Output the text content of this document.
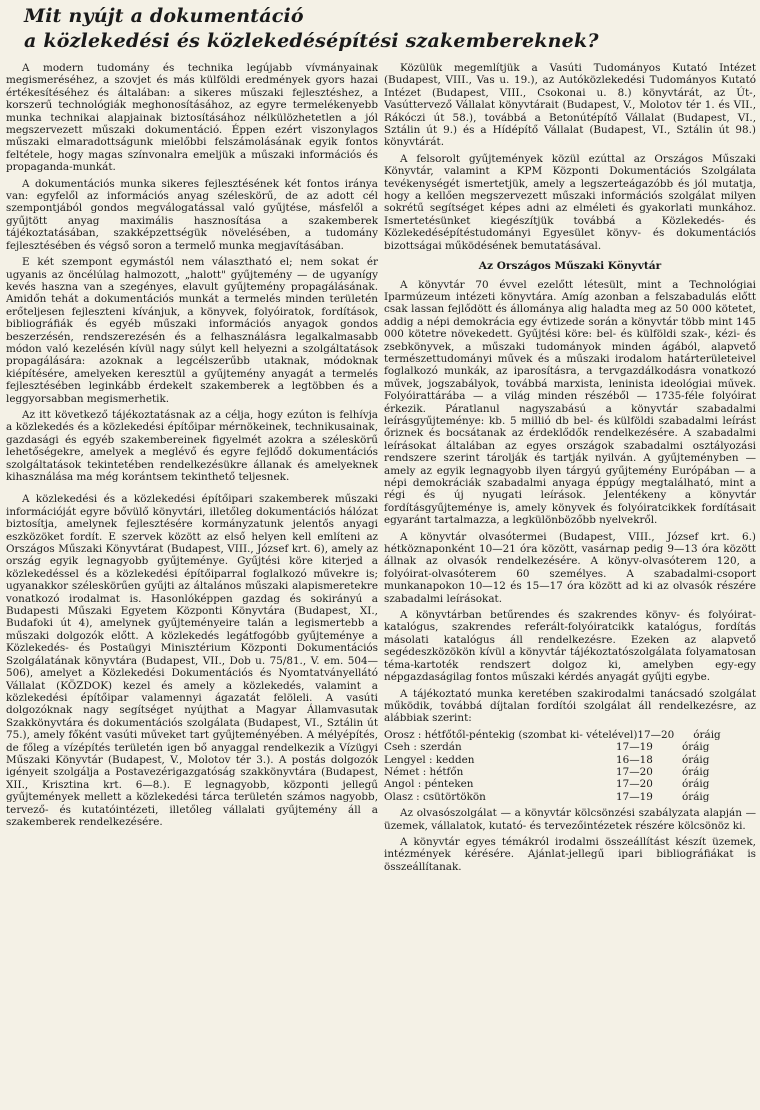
Mit nyújt a dokumentáció
a közlekedési és közlekedésépítési szakembereknek?

A modern tudomány és technika legújabb vívmányainak megismeréséhez, a szovjet és más külföldi eredmények gyors hazai értékesítéséhez és általában: a sikeres műszaki fejlesztéshez, a korszerű technológiák meghonosításához, az egyre termelékenyebb munka technikai alapjainak biztosításához nélkülözhetetlen a jól megszervezett műszaki dokumentáció. Éppen ezért viszonylagos műszaki elmaradottságunk mielőbbi felszámolásának egyik fontos feltétele, hogy magas színvonalra emeljük a műszaki információs és propaganda-munkát.

A dokumentációs munka sikeres fejlesztésének két fontos iránya van: egyfelől az információs anyag széleskörű, de az adott cél szempontjából gondos megválogatással való gyűjtése, másfelől a gyűjtött anyag maximális hasznosítása a szakemberek tájékoztatásában, szakképzettségük növelésében, a tudomány fejlesztésében és végső soron a termelő munka megjavításában.

E két szempont egymástól nem választható el; nem sokat ér ugyanis az öncélúlag halmozott, „halott" gyűjtemény — de ugyanígy kevés haszna van a szegényes, elavult gyűjtemény propagálásának. Amidőn tehát a dokumentációs munkát a termelés minden területén erőteljesen fejleszteni kívánjuk, a könyvek, folyóiratok, fordítások, bibliográfiák és egyéb műszaki információs anyagok gondos beszerzésén, rendszerezésén és a felhasználásra legalkalmasabb módon való kezelésén kívül nagy súlyt kell helyezni a szolgáltatások propagálására: azoknak a legcélszerűbb utaknak, módoknak kiépítésére, amelyeken keresztül a gyűjtemény anyagát a termelés fejlesztésében leginkább érdekelt szakemberek a legtöbben és a leggyorsabban megismerhetik.

Az itt következő tájékoztatásnak az a célja, hogy ezúton is felhívja a közlekedés és a közlekedési építőipar mérnökeinek, technikusainak, gazdasági és egyéb szakembereinek figyelmét azokra a széleskörű lehetőségekre, amelyek a meglévő és egyre fejlődő dokumentációs szolgáltatások tekintetében rendelkezésükre állanak és amelyeknek kihasználása ma még korántsem tekinthető teljesnek.

A közlekedési és a közlekedési építőipari szakemberek műszaki információját egyre bővülő könyvtári, illetőleg dokumentációs hálózat biztosítja, amelynek fejlesztésére kormányzatunk jelentős anyagi eszközöket fordít. E szervek között az első helyen kell említeni az Országos Műszaki Könyvtárat (Budapest, VIII., József krt. 6), amely az ország egyik legnagyobb gyűjteménye. Gyűjtési köre kiterjed a közlekedéssel és a közlekedési építőiparral foglalkozó művekre is; ugyanakkor széleskörűen gyűjti az általános műszaki alapismeretekre vonatkozó irodalmat is. Hasonlóképpen gazdag és sokirányú a Budapesti Műszaki Egyetem Központi Könyvtára (Budapest, XI., Budafoki út 4), amelynek gyűjteményeire talán a legismertebb a műszaki dolgozók előtt. A közlekedés legátfogóbb gyűjteménye a Közlekedés- és Postaügyi Minisztérium Központi Dokumentációs Szolgálatának könyvtára (Budapest, VII., Dob u. 75/81., V. em. 504—506), amelyet a Közlekedési Dokumentációs és Nyomtatványellátó Vállalat (KÖZDOK) kezel és amely a közlekedés, valamint a közlekedési építőipar valamennyi ágazatát felöleli. A vasúti dolgozóknak nagy segítséget nyújthat a Magyar Államvasutak Szakkönyvtára és dokumentációs szolgálata (Budapest, VI., Sztálin út 75.), amely főként vasúti műveket tart gyűjteményében. A mélyépítés, de főleg a vízépítés területén igen bő anyaggal rendelkezik a Vízügyi Műszaki Könyvtár (Budapest, V., Molotov tér 3.). A postás dolgozók igényeit szolgálja a Postavezérigazgatóság szakkönyvtára (Budapest, XII., Krisztina krt. 6—8.). E legnagyobb, központi jellegű gyűjtemények mellett a közlekedési tárca területén számos nagyobb, tervező- és kutatóintézeti, illetőleg vállalati gyűjtemény áll a szakemberek rendelkezésére.

Közülük megemlítjük a Vasúti Tudományos Kutató Intézet (Budapest, VIII., Vas u. 19.), az Autóközlekedési Tudományos Kutató Intézet (Budapest, VIII., Csokonai u. 8.) könyvtárát, az Út-, Vasúttervező Vállalat könyvtárait (Budapest, V., Molotov tér 1. és VII., Rákóczi út 58.), továbbá a Betonútépítő Vállalat (Budapest, VI., Sztálin út 9.) és a Hídépítő Vállalat (Budapest, VI., Sztálin út 98.) könyvtárát.

A felsorolt gyűjtemények közül ezúttal az Országos Műszaki Könyvtár, valamint a KPM Központi Dokumentációs Szolgálata tevékenységét ismertetjük, amely a legszerteágazóbb és jól mutatja, hogy a kellően megszervezett műszaki információs szolgálat milyen sokrétű segítséget képes adni az elméleti és gyakorlati munkához. Ismertetésünket kiegészítjük továbbá a Közlekedés- és Közlekedésépítéstudományi Egyesület könyv- és dokumentációs bizottságai működésének bemutatásával.

Az Országos Műszaki Könyvtár

A könyvtár 70 évvel ezelőtt létesült, mint a Technológiai Iparmúzeum intézeti könyvtára. Amíg azonban a felszabadulás előtt csak lassan fejlődött és állománya alig haladta meg az 50 000 kötetet, addig a népi demokrácia egy évtizede során a könyvtár több mint 145 000 kötetre növekedett. Gyűjtési köre: bel- és külföldi szak-, kézi- és zsebkönyvek, a műszaki tudományok minden ágából, alapvető természettudományi művek és a műszaki irodalom határterületeivel foglalkozó munkák, az iparosításra, a tervgazdálkodásra vonatkozó művek, jogszabályok, továbbá marxista, leninista ideológiai művek. Folyóirattárába — a világ minden részéből — 1735-féle folyóirat érkezik. Páratlanul nagyszabású a könyvtár szabadalmi leírásgyűjteménye: kb. 5 millió db bel- és külföldi szabadalmi leírást őriznek és bocsátanak az érdeklődők rendelkezésére. A szabadalmi leírásokat általában az egyes országok szabadalmi osztályozási rendszere szerint tárolják és tartják nyilván. A gyűjteményben — amely az egyik legnagyobb ilyen tárgyú gyűjtemény Európában — a népi demokráciák szabadalmi anyaga éppúgy megtalálható, mint a régi és új nyugati leírások. Jelentékeny a könyvtár fordításgyűjteménye is, amely könyvek és folyóiratcikkek fordításait egyaránt tartalmazza, a legkülönbözőbb nyelvekről.

A könyvtár olvasótermei (Budapest, VIII., József krt. 6.) hétköznaponként 10—21 óra között, vasárnap pedig 9—13 óra között állnak az olvasók rendelkezésére. A könyv-olvasóterem 120, a folyóirat-olvasóterem 60 személyes. A szabadalmi-csoport munkanapokon 10—12 és 15—17 óra között ad ki az olvasók részére szabadalmi leírásokat.

A könyvtárban betűrendes és szakrendes könyv- és folyóirat-katalógus, szakrendes referált-folyóiratcikk katalógus, fordítás másolati katalógus áll rendelkezésre. Ezeken az alapvető segédeszközökön kívül a könyvtár tájékoztatószolgálata folyamatosan téma-kartoték rendszert dolgoz ki, amelyben egy-egy népgazdaságilag fontos műszaki kérdés anyagát gyűjti egybe.

A tájékoztató munka keretében szakirodalmi tanácsadó szolgálat működik, továbbá díjtalan fordítói szolgálat áll rendelkezésre, az alábbiak szerint:

Orosz : hétfőtől-péntekig (szombat ki- vételével) 17—20	óráig
Cseh : szerdán	17—19	óráig
Lengyel : kedden	16—18	óráig
Német : hétfőn	17—20	óráig
Angol : pénteken	17—20	óráig
Olasz : csütörtökön	17—19	óráig

Az olvasószolgálat — a könyvtár kölcsönzési szabályzata alapján — üzemek, vállalatok, kutató- és tervezőintézetek részére kölcsönöz ki.

A könyvtár egyes témákról irodalmi összeállítást készít üzemek, intézmények kérésére. Ajánlat-jellegű ipari bibliográfiákat is összeállítanak.
